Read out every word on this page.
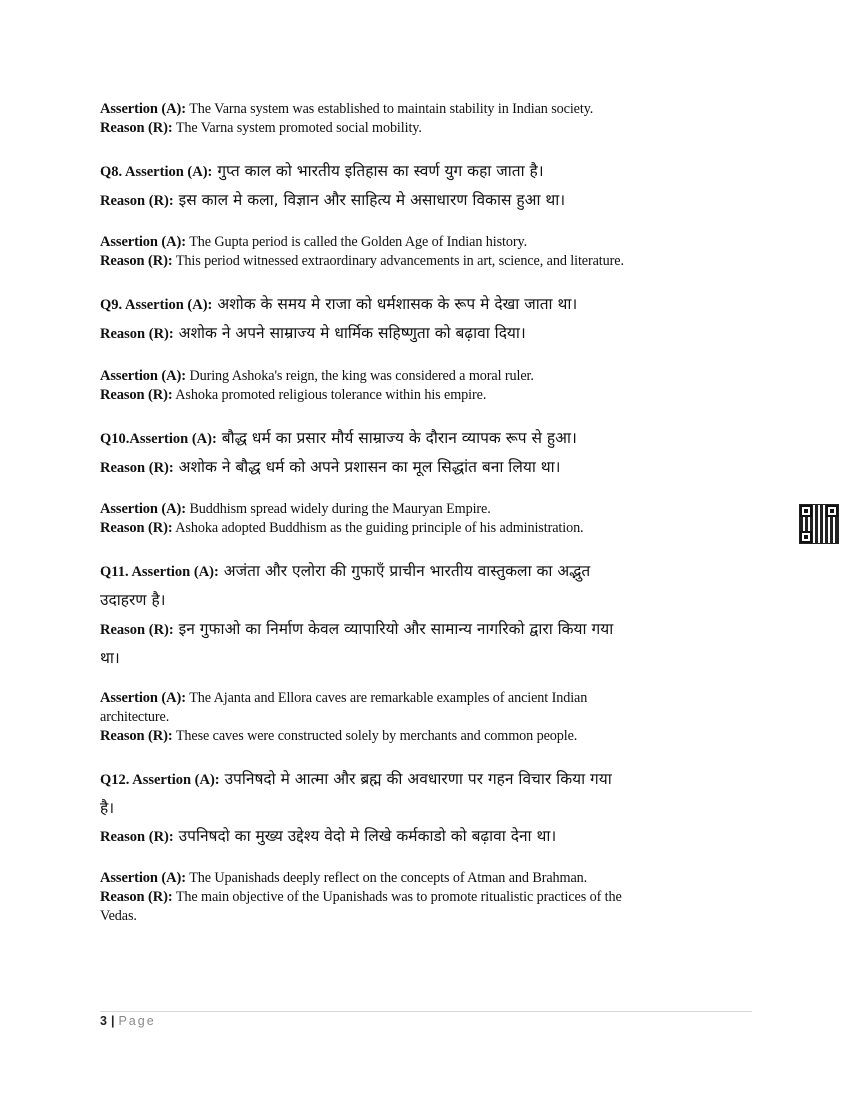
Assertion (A): The Varna system was established to maintain stability in Indian society.
Reason (R): The Varna system promoted social mobility.
Q8. Assertion (A): गुप्त काल को भारतीय इतिहास का स्वर्ण युग कहा जाता है।
Reason (R): इस काल मे कला, विज्ञान और साहित्य मे असाधारण विकास हुआ था।
Assertion (A): The Gupta period is called the Golden Age of Indian history.
Reason (R): This period witnessed extraordinary advancements in art, science, and literature.
Q9. Assertion (A): अशोक के समय मे राजा को धर्मशासक के रूप मे देखा जाता था।
Reason (R): अशोक ने अपने साम्राज्य मे धार्मिक सहिष्णुता को बढ़ावा दिया।
Assertion (A): During Ashoka's reign, the king was considered a moral ruler.
Reason (R): Ashoka promoted religious tolerance within his empire.
Q10.Assertion (A): बौद्ध धर्म का प्रसार मौर्य साम्राज्य के दौरान व्यापक रूप से हुआ।
Reason (R): अशोक ने बौद्ध धर्म को अपने प्रशासन का मूल सिद्धांत बना लिया था।
Assertion (A): Buddhism spread widely during the Mauryan Empire.
Reason (R): Ashoka adopted Buddhism as the guiding principle of his administration.
Q11. Assertion (A): अजंता और एलोरा की गुफाएँ प्राचीन भारतीय वास्तुकला का अद्भुत
उदाहरण है।
Reason (R): इन गुफाओ का निर्माण केवल व्यापारियो और सामान्य नागरिको द्वारा किया गया
था।
Assertion (A): The Ajanta and Ellora caves are remarkable examples of ancient Indian
architecture.
Reason (R): These caves were constructed solely by merchants and common people.
Q12. Assertion (A): उपनिषदो मे आत्मा और ब्रह्म की अवधारणा पर गहन विचार किया गया
है।
Reason (R): उपनिषदो का मुख्य उद्देश्य वेदो मे लिखे कर्मकाडो को बढ़ावा देना था।
Assertion (A): The Upanishads deeply reflect on the concepts of Atman and Brahman.
Reason (R): The main objective of the Upanishads was to promote ritualistic practices of the
Vedas.
3 | Page
